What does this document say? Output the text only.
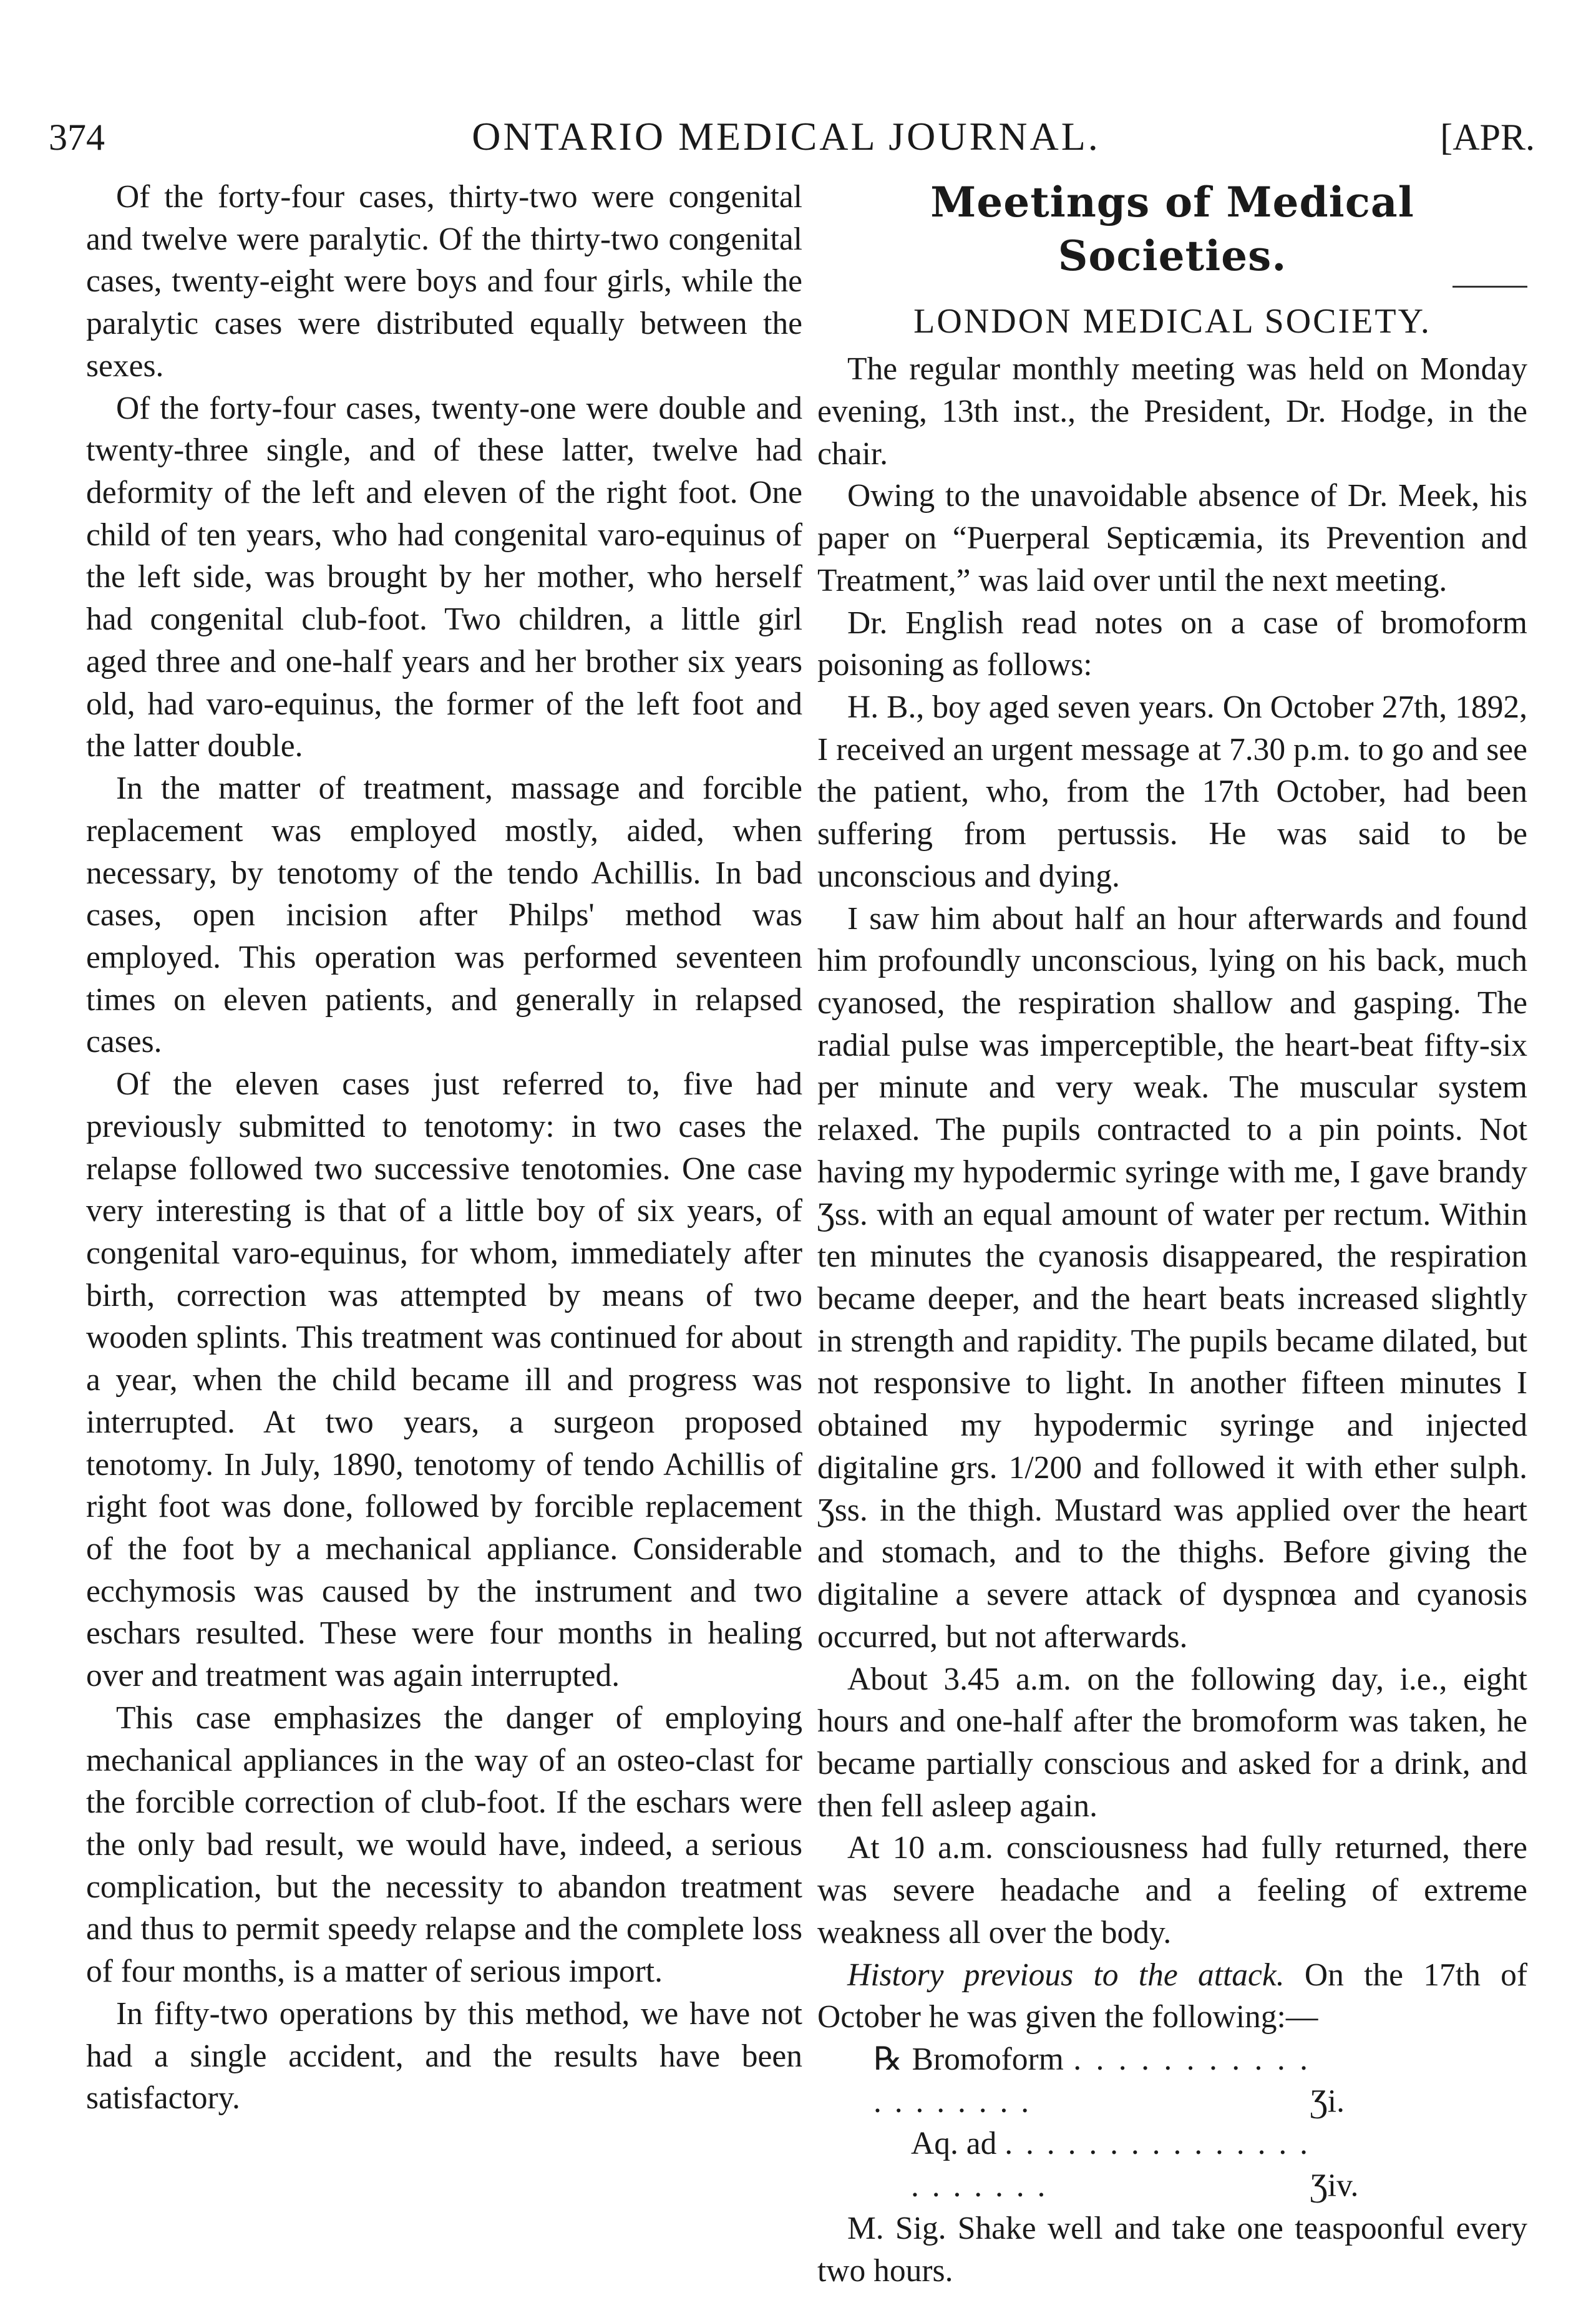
374	ONTARIO MEDICAL JOURNAL.	[APR.

Of the forty-four cases, thirty-two were congenital and twelve were paralytic. Of the thirty-two congenital cases, twenty-eight were boys and four girls, while the paralytic cases were distributed equally between the sexes.

Of the forty-four cases, twenty-one were double and twenty-three single, and of these latter, twelve had deformity of the left and eleven of the right foot. One child of ten years, who had congenital varo-equinus of the left side, was brought by her mother, who herself had congenital club-foot. Two children, a little girl aged three and one-half years and her brother six years old, had varo-equinus, the former of the left foot and the latter double.

In the matter of treatment, massage and forcible replacement was employed mostly, aided, when necessary, by tenotomy of the tendo Achillis. In bad cases, open incision after Philps' method was employed. This operation was performed seventeen times on eleven patients, and generally in relapsed cases.

Of the eleven cases just referred to, five had previously submitted to tenotomy: in two cases the relapse followed two successive tenotomies. One case very interesting is that of a little boy of six years, of congenital varo-equinus, for whom, immediately after birth, correction was attempted by means of two wooden splints. This treatment was continued for about a year, when the child became ill and progress was interrupted. At two years, a surgeon proposed tenotomy. In July, 1890, tenotomy of tendo Achillis of right foot was done, followed by forcible replacement of the foot by a mechanical appliance. Considerable ecchymosis was caused by the instrument and two eschars resulted. These were four months in healing over and treatment was again interrupted.

This case emphasizes the danger of employing mechanical appliances in the way of an osteo-clast for the forcible correction of club-foot. If the eschars were the only bad result, we would have, indeed, a serious complication, but the necessity to abandon treatment and thus to permit speedy relapse and the complete loss of four months, is a matter of serious import.

In fifty-two operations by this method, we have not had a single accident, and the results have been satisfactory.

Meetings of Medical Societies.
LONDON MEDICAL SOCIETY.

The regular monthly meeting was held on Monday evening, 13th inst., the President, Dr. Hodge, in the chair.

Owing to the unavoidable absence of Dr. Meek, his paper on “Puerperal Septicæmia, its Prevention and Treatment,” was laid over until the next meeting.

Dr. English read notes on a case of bromoform poisoning as follows:

H. B., boy aged seven years. On October 27th, 1892, I received an urgent message at 7.30 p.m. to go and see the patient, who, from the 17th October, had been suffering from pertussis. He was said to be unconscious and dying.

I saw him about half an hour afterwards and found him profoundly unconscious, lying on his back, much cyanosed, the respiration shallow and gasping. The radial pulse was imperceptible, the heart-beat fifty-six per minute and very weak. The muscular system relaxed. The pupils contracted to a pin points. Not having my hypodermic syringe with me, I gave brandy Ʒss. with an equal amount of water per rectum. Within ten minutes the cyanosis disappeared, the respiration became deeper, and the heart beats increased slightly in strength and rapidity. The pupils became dilated, but not responsive to light. In another fifteen minutes I obtained my hypodermic syringe and injected digitaline grs. 1/200 and followed it with ether sulph. Ʒss. in the thigh. Mustard was applied over the heart and stomach, and to the thighs. Before giving the digitaline a severe attack of dyspnœa and cyanosis occurred, but not afterwards.

About 3.45 a.m. on the following day, i.e., eight hours and one-half after the bromoform was taken, he became partially conscious and asked for a drink, and then fell asleep again.

At 10 a.m. consciousness had fully returned, there was severe headache and a feeling of extreme weakness all over the body.

History previous to the attack. On the 17th of October he was given the following:—

℞ Bromoform . . . . . . . . . . . . . . . . . . .	Ʒi.

Aq. ad . . . . . . . . . . . . . . . . . . . . . .	Ʒiv.

M. Sig. Shake well and take one teaspoonful every two hours.
